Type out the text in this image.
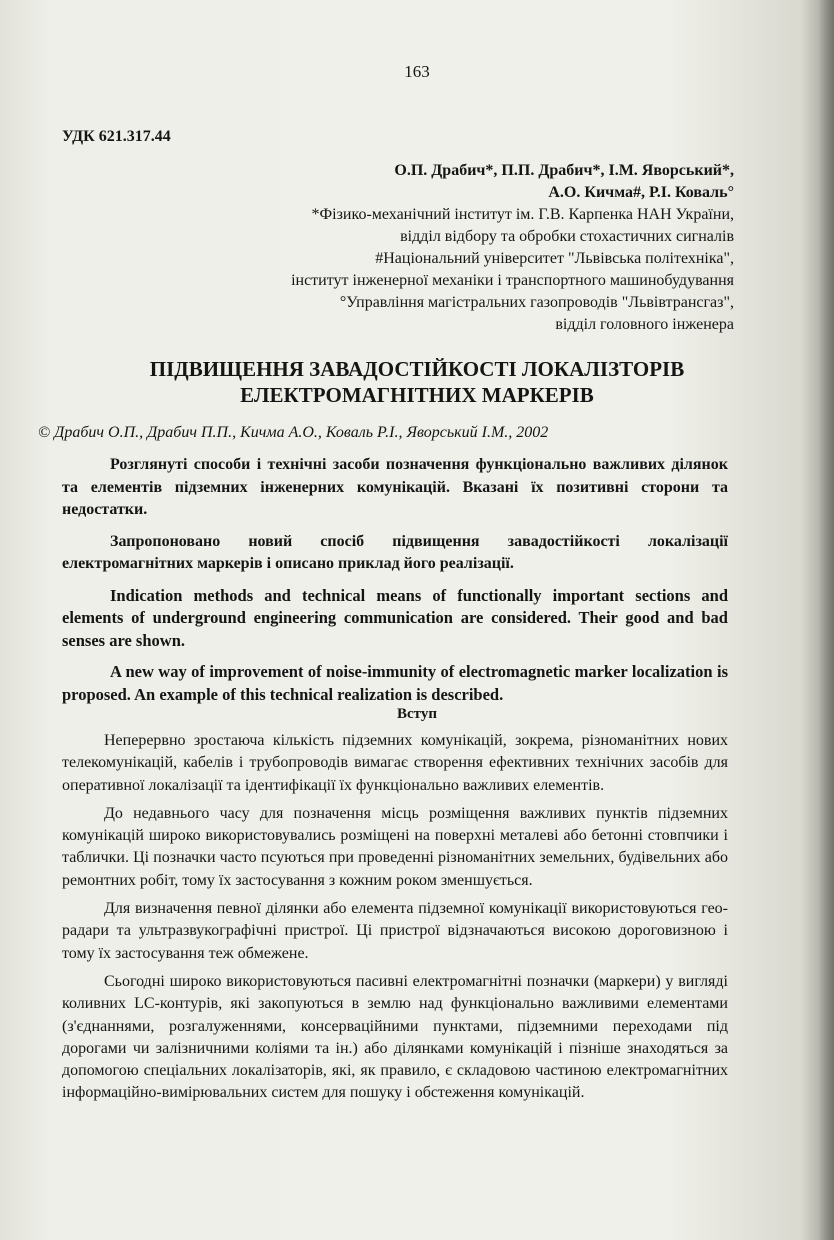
163
УДК 621.317.44
О.П. Драбич*, П.П. Драбич*, І.М. Яворський*,
А.О. Кичма#, Р.І. Коваль°
*Фізико-механічний інститут ім. Г.В. Карпенка НАН України,
відділ відбору та обробки стохастичних сигналів
#Національний університет "Львівська політехніка",
інститут інженерної механіки і транспортного машинобудування
°Управління магістральних газопроводів "Львівтрансгаз",
відділ головного інженера
ПІДВИЩЕННЯ ЗАВАДОСТІЙКОСТІ ЛОКАЛІЗТОРІВ
ЕЛЕКТРОМАГНІТНИХ МАРКЕРІВ
© Драбич О.П., Драбич П.П., Кичма А.О., Коваль Р.І., Яворський І.М., 2002

Розглянуті способи і технічні засоби позначення функціонально важливих ділянок та елементів підземних інженерних комунікацій. Вказані їх позитивні сторони та недостатки.

Запропоновано новий спосіб підвищення завадостійкості локалізації електромагнітних маркерів і описано приклад його реалізації.

Indication methods and technical means of functionally important sections and elements of underground engineering communication are considered. Their good and bad senses are shown.

A new way of improvement of noise-immunity of electromagnetic marker localization is proposed. An example of this technical realization is described.

Вступ

Неперервно зростаюча кількість підземних комунікацій, зокрема, різноманітних нових телекомунікацій, кабелів і трубопроводів вимагає створення ефективних технічних засобів для оперативної локалізації та ідентифікації їх функціонально важливих елементів.

До недавнього часу для позначення місць розміщення важливих пунктів підземних комунікацій широко використовувались розміщені на поверхні металеві або бетонні стовпчики і таблички. Ці позначки часто псуються при проведенні різноманітних земельних, будівельних або ремонтних робіт, тому їх застосування з кожним роком зменшується.

Для визначення певної ділянки або елемента підземної комунікації використовуються гео-радари та ультразвукографічні пристрої. Ці пристрої відзначаються високою дороговизною і тому їх застосування теж обмежене.

Сьогодні широко використовуються пасивні електромагнітні позначки (маркери) у вигляді коливних LC-контурів, які закопуються в землю над функціонально важливими елементами (з'єднаннями, розгалуженнями, консерваційними пунктами, підземними переходами під дорогами чи залізничними коліями та ін.) або ділянками комунікацій і пізніше знаходяться за допомогою спеціальних локалізаторів, які, як правило, є складовою частиною електромагнітних інформаційно-вимірювальних систем для пошуку і обстеження комунікацій.
